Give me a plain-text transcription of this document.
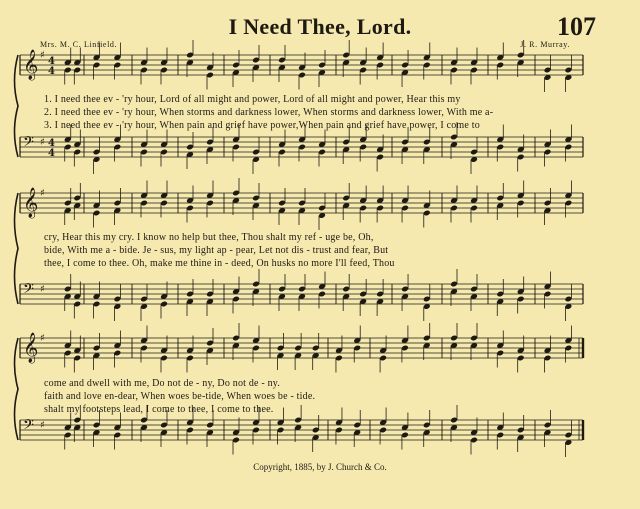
I Need Thee, Lord.	107
Mrs. M. C. Linfield.	J. R. Murray.
𝄞 ♯
4
4
𝄢 ♯ 4
4
𝄞 ♯
𝄢 ♯
𝄞 ♯
𝄢 ♯
1. I need thee ev - 'ry hour, Lord of all might and power, Lord of all might and power, Hear this my
2. I need thee ev - 'ry hour, When storms and darkness lower, When storms and darkness lower, With me a-
3. I need thee ev - 'ry hour, When pain and grief have power,When pain and grief have power, I come to
cry, Hear this my cry. I know no help but thee, Thou shalt my ref - uge be, Oh,
bide, With me a - bide. Je - sus, my light ap - pear, Let not dis - trust and fear, But
thee, I come to thee. Oh, make me thine in - deed, On husks no more I'll feed, Thou
come and dwell with me, Do not de - ny, Do not de - ny.
faith and love en-dear, When woes be-tide, When woes be - tide.
shalt my footsteps lead, I come to thee, I come to thee.
Copyright, 1885, by J. Church & Co.
